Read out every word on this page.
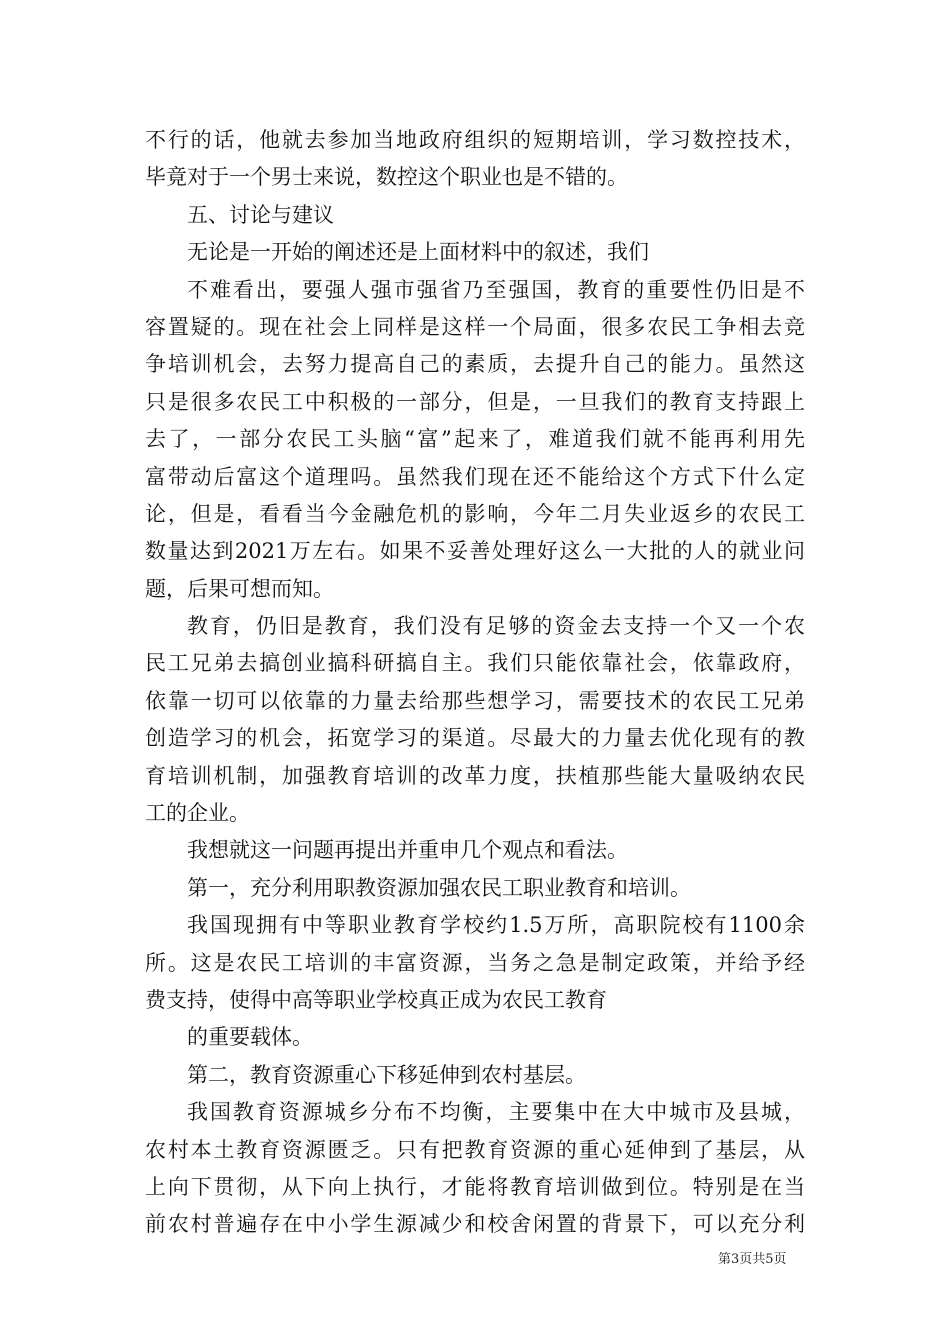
不行的话，他就去参加当地政府组织的短期培训，学习数控技术，
毕竟对于一个男士来说，数控这个职业也是不错的。
五、讨论与建议
无论是一开始的阐述还是上面材料中的叙述，我们
不难看出，要强人强市强省乃至强国，教育的重要性仍旧是不
容置疑的。现在社会上同样是这样一个局面，很多农民工争相去竞
争培训机会，去努力提高自己的素质，去提升自己的能力。虽然这
只是很多农民工中积极的一部分，但是，一旦我们的教育支持跟上
去了，一部分农民工头脑“富”起来了，难道我们就不能再利用先
富带动后富这个道理吗。虽然我们现在还不能给这个方式下什么定
论，但是，看看当今金融危机的影响，今年二月失业返乡的农民工
数量达到2021万左右。如果不妥善处理好这么一大批的人的就业问
题，后果可想而知。
教育，仍旧是教育，我们没有足够的资金去支持一个又一个农
民工兄弟去搞创业搞科研搞自主。我们只能依靠社会，依靠政府，
依靠一切可以依靠的力量去给那些想学习，需要技术的农民工兄弟
创造学习的机会，拓宽学习的渠道。尽最大的力量去优化现有的教
育培训机制，加强教育培训的改革力度，扶植那些能大量吸纳农民
工的企业。
我想就这一问题再提出并重申几个观点和看法。
第一，充分利用职教资源加强农民工职业教育和培训。
我国现拥有中等职业教育学校约1.5万所，高职院校有1100余
所。这是农民工培训的丰富资源，当务之急是制定政策，并给予经
费支持，使得中高等职业学校真正成为农民工教育
的重要载体。
第二，教育资源重心下移延伸到农村基层。
我国教育资源城乡分布不均衡，主要集中在大中城市及县城，
农村本土教育资源匮乏。只有把教育资源的重心延伸到了基层，从
上向下贯彻，从下向上执行，才能将教育培训做到位。特别是在当
前农村普遍存在中小学生源减少和校舍闲置的背景下，可以充分利
第3页共5页
